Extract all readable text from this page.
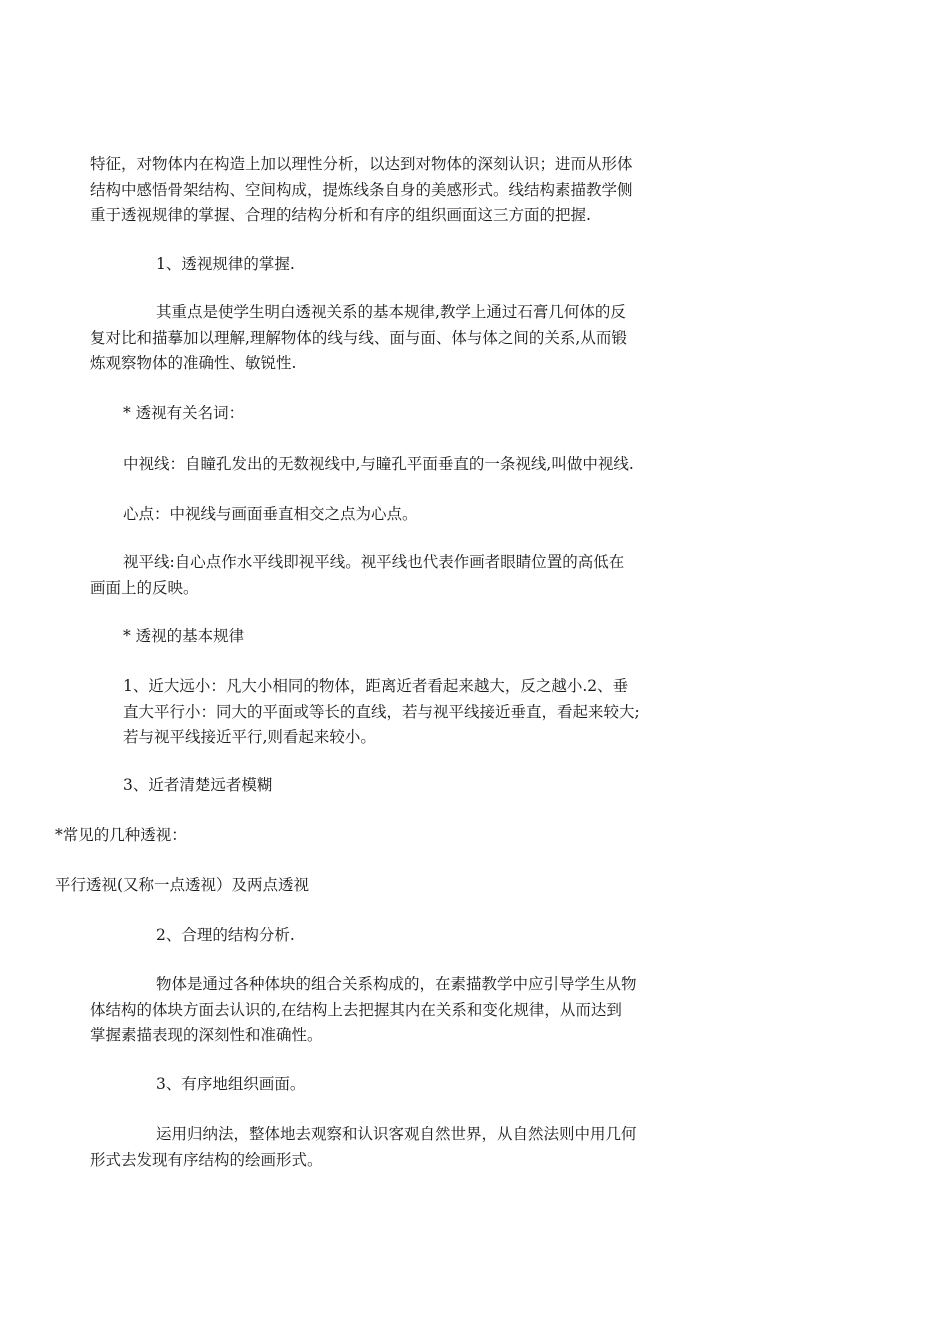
特征，对物体内在构造上加以理性分析，以达到对物体的深刻认识；进而从形体
结构中感悟骨架结构、空间构成，提炼线条自身的美感形式。线结构素描教学侧
重于透视规律的掌握、合理的结构分析和有序的组织画面这三方面的把握.
1、透视规律的掌握.
其重点是使学生明白透视关系的基本规律,教学上通过石膏几何体的反
复对比和描摹加以理解,理解物体的线与线、面与面、体与体之间的关系,从而锻
炼观察物体的准确性、敏锐性.
* 透视有关名词：
中视线：自瞳孔发出的无数视线中,与瞳孔平面垂直的一条视线,叫做中视线.
心点：中视线与画面垂直相交之点为心点。
视平线:自心点作水平线即视平线。视平线也代表作画者眼睛位置的高低在
画面上的反映。
* 透视的基本规律
1、近大远小：凡大小相同的物体，距离近者看起来越大，反之越小.2、垂
直大平行小：同大的平面或等长的直线，若与视平线接近垂直，看起来较大;
若与视平线接近平行,则看起来较小。
3、近者清楚远者模糊
*常见的几种透视：
平行透视(又称一点透视）及两点透视
2、合理的结构分析.
物体是通过各种体块的组合关系构成的，在素描教学中应引导学生从物
体结构的体块方面去认识的,在结构上去把握其内在关系和变化规律，从而达到
掌握素描表现的深刻性和准确性。
3、有序地组织画面。
运用归纳法，整体地去观察和认识客观自然世界，从自然法则中用几何
形式去发现有序结构的绘画形式。
